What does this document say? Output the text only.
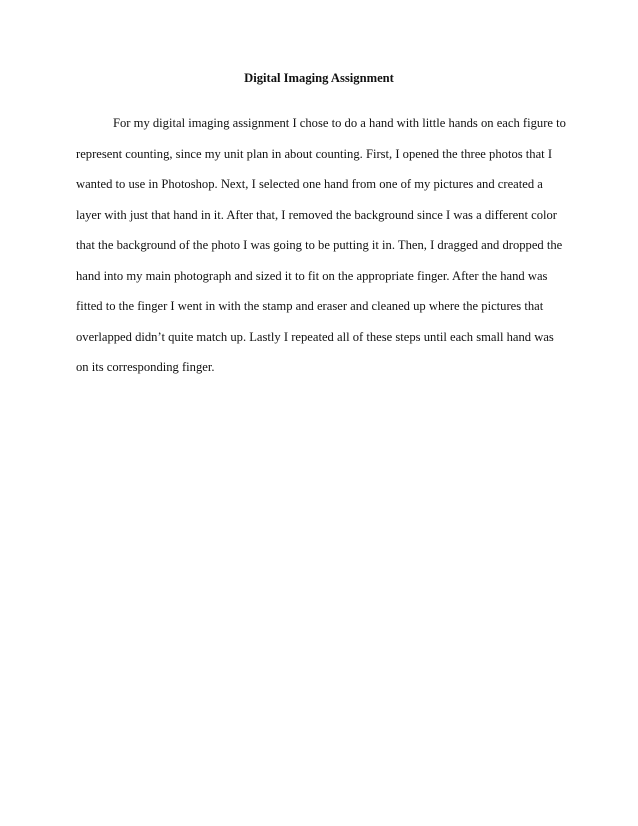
Digital Imaging Assignment
For my digital imaging assignment I chose to do a hand with little hands on each figure to
represent counting, since my unit plan in about counting. First, I opened the three photos that I
wanted to use in Photoshop. Next, I selected one hand from one of my pictures and created a
layer with just that hand in it. After that, I removed the background since I was a different color
that the background of the photo I was going to be putting it in. Then, I dragged and dropped the
hand into my main photograph and sized it to fit on the appropriate finger. After the hand was
fitted to the finger I went in with the stamp and eraser and cleaned up where the pictures that
overlapped didn’t quite match up. Lastly I repeated all of these steps until each small hand was
on its corresponding finger.
